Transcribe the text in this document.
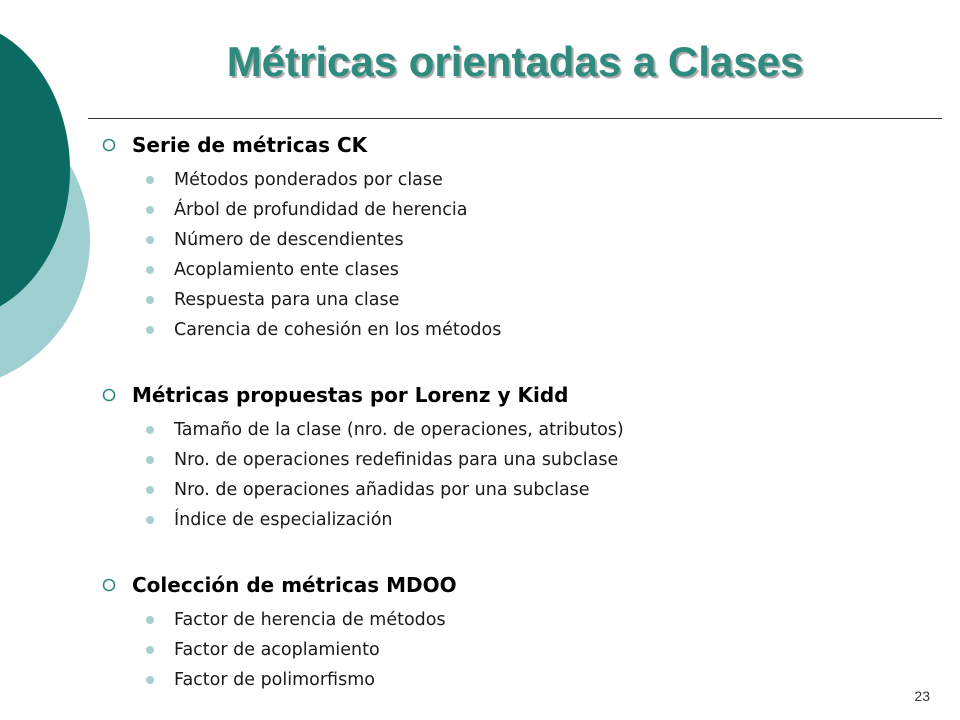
Métricas orientadas a Clases
Serie de métricas CK
Métodos ponderados por clase
Árbol de profundidad de herencia
Número de descendientes
Acoplamiento ente clases
Respuesta para una clase
Carencia de cohesión en los métodos
Métricas propuestas por Lorenz y Kidd
Tamaño de la clase (nro. de operaciones, atributos)
Nro. de operaciones redefinidas para una subclase
Nro. de operaciones añadidas por una subclase
Índice de especialización
Colección de métricas MDOO
Factor de herencia de métodos
Factor de acoplamiento
Factor de polimorfismo
23
